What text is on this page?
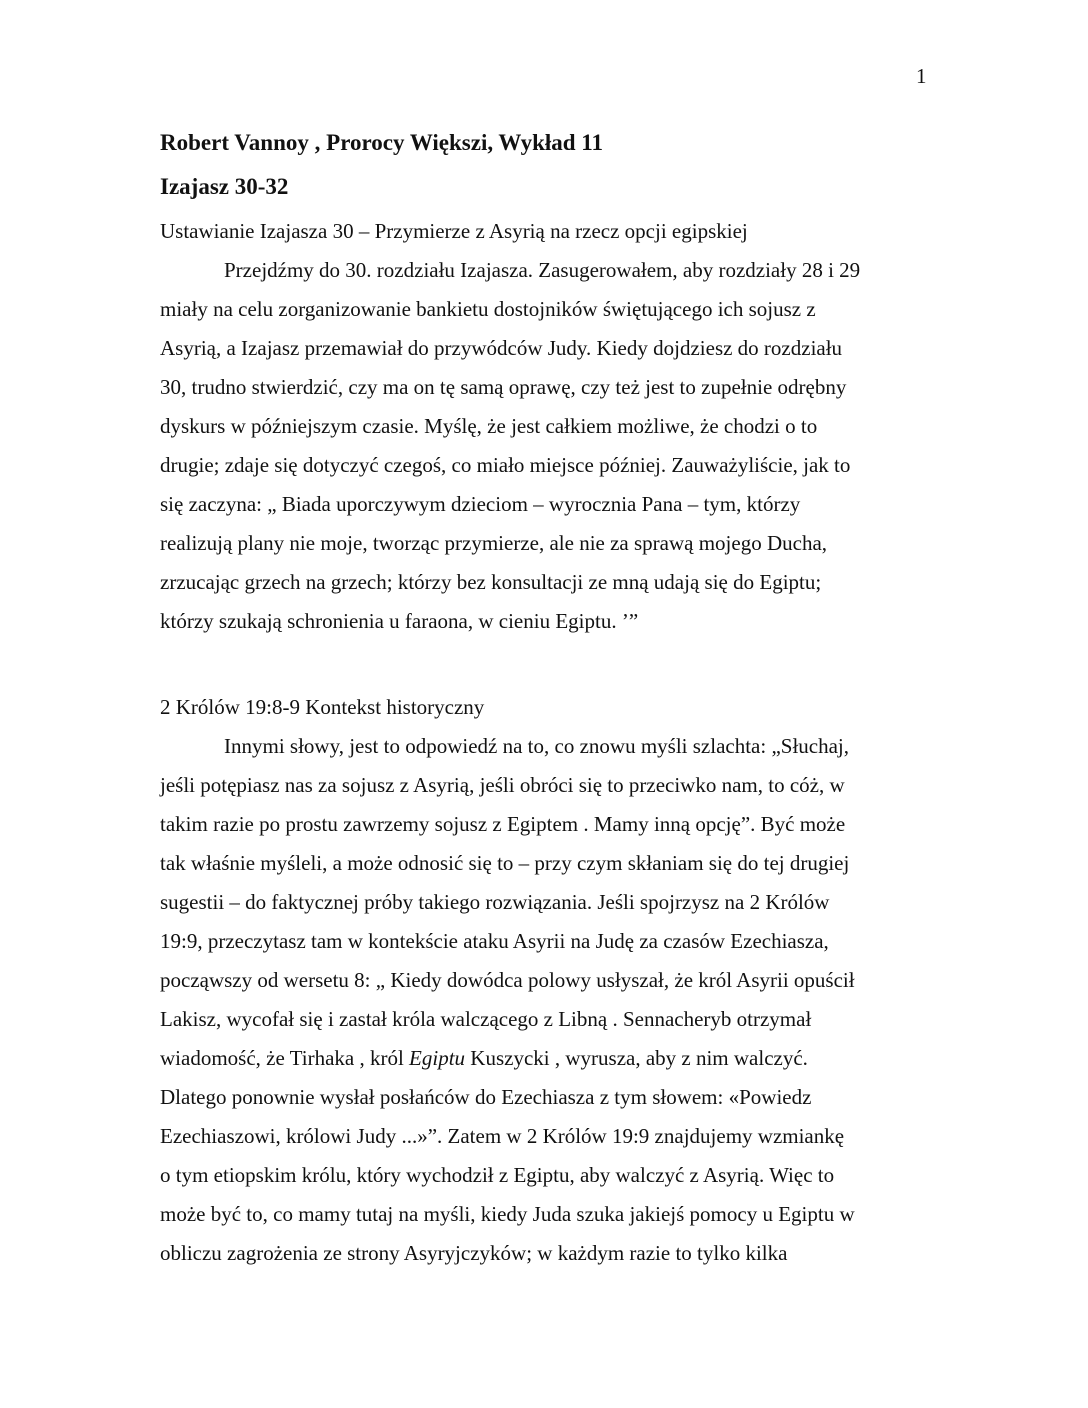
1
Robert Vannoy , Prorocy Większi, Wykład 11
Izajasz 30-32
Ustawianie Izajasza 30 – Przymierze z Asyrią na rzecz opcji egipskiej
Przejdźmy do 30. rozdziału Izajasza. Zasugerowałem, aby rozdziały 28 i 29
miały na celu zorganizowanie bankietu dostojników świętującego ich sojusz z
Asyrią, a Izajasz przemawiał do przywódców Judy. Kiedy dojdziesz do rozdziału
30, trudno stwierdzić, czy ma on tę samą oprawę, czy też jest to zupełnie odrębny
dyskurs w późniejszym czasie. Myślę, że jest całkiem możliwe, że chodzi o to
drugie; zdaje się dotyczyć czegoś, co miało miejsce później. Zauważyliście, jak to
się zaczyna: „ Biada uporczywym dzieciom – wyrocznia Pana – tym, którzy
realizują plany nie moje, tworząc przymierze, ale nie za sprawą mojego Ducha,
zrzucając grzech na grzech; którzy bez konsultacji ze mną udają się do Egiptu;
którzy szukają schronienia u faraona, w cieniu Egiptu. ’”
2 Królów 19:8-9 Kontekst historyczny
Innymi słowy, jest to odpowiedź na to, co znowu myśli szlachta: „Słuchaj,
jeśli potępiasz nas za sojusz z Asyrią, jeśli obróci się to przeciwko nam, to cóż, w
takim razie po prostu zawrzemy sojusz z Egiptem . Mamy inną opcję”. Być może
tak właśnie myśleli, a może odnosić się to – przy czym skłaniam się do tej drugiej
sugestii – do faktycznej próby takiego rozwiązania. Jeśli spojrzysz na 2 Królów
19:9, przeczytasz tam w kontekście ataku Asyrii na Judę za czasów Ezechiasza,
począwszy od wersetu 8: „ Kiedy dowódca polowy usłyszał, że król Asyrii opuścił
Lakisz, wycofał się i zastał króla walczącego z Libną . Sennacheryb otrzymał
wiadomość, że Tirhaka , król Egiptu Kuszycki , wyrusza, aby z nim walczyć.
Dlatego ponownie wysłał posłańców do Ezechiasza z tym słowem: «Powiedz
Ezechiaszowi, królowi Judy ...»”. Zatem w 2 Królów 19:9 znajdujemy wzmiankę
o tym etiopskim królu, który wychodził z Egiptu, aby walczyć z Asyrią. Więc to
może być to, co mamy tutaj na myśli, kiedy Juda szuka jakiejś pomocy u Egiptu w
obliczu zagrożenia ze strony Asyryjczyków; w każdym razie to tylko kilka
